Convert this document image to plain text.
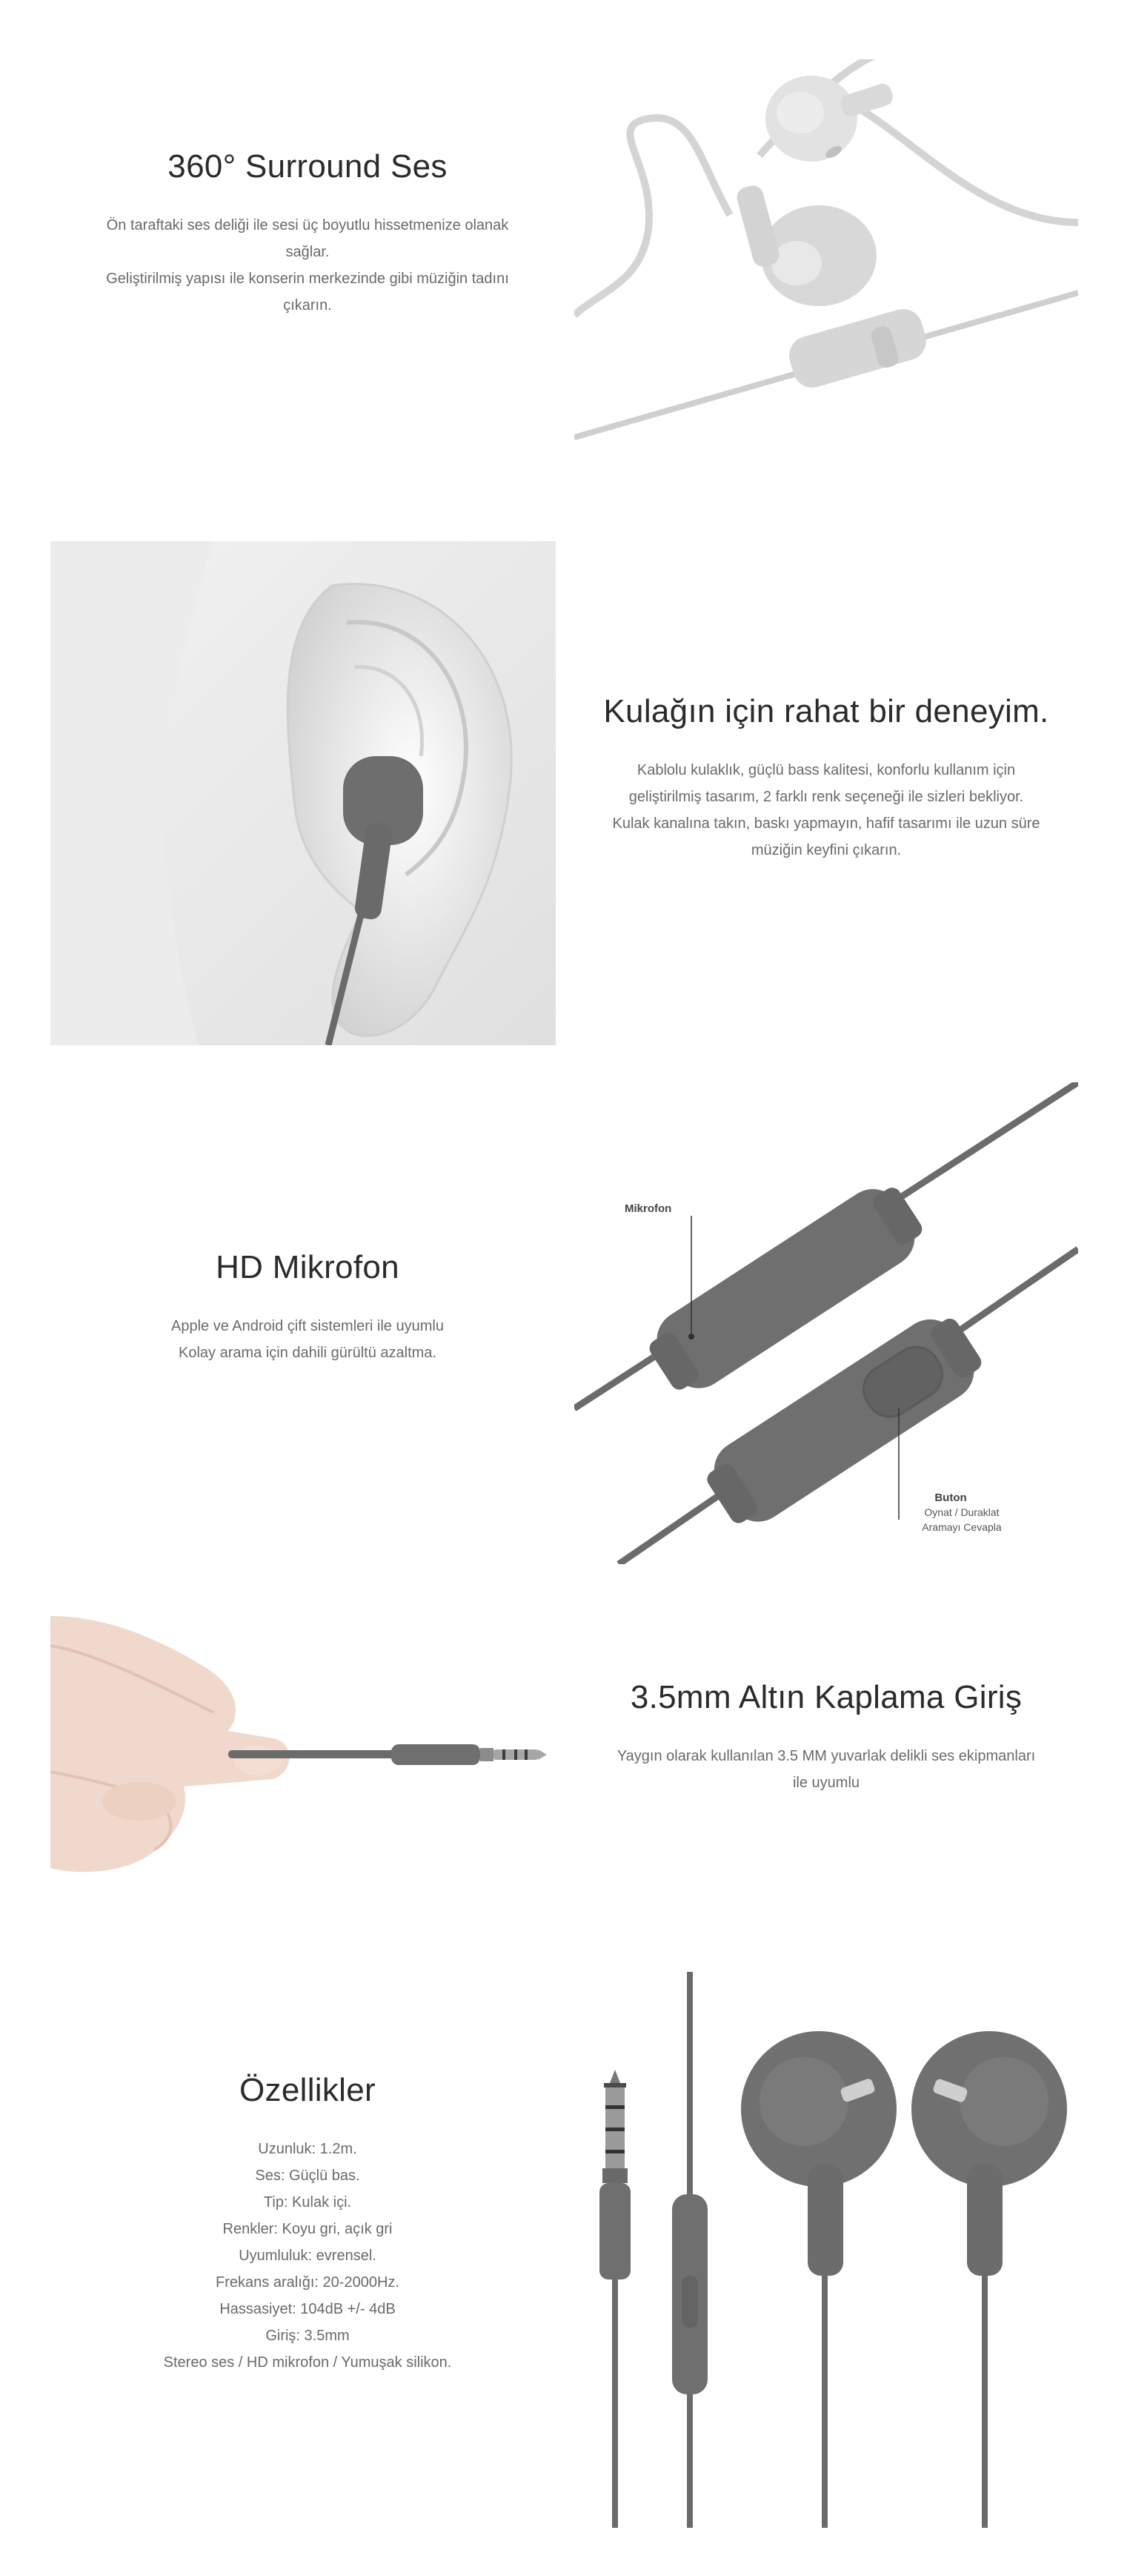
360° Surround Ses
Ön taraftaki ses deliği ile sesi üç boyutlu hissetmenize olanak
sağlar.
Geliştirilmiş yapısı ile konserin merkezinde gibi müziğin tadını
çıkarın.
Kulağın için rahat bir deneyim.
Kablolu kulaklık, güçlü bass kalitesi, konforlu kullanım için
geliştirilmiş tasarım, 2 farklı renk seçeneği ile sizleri bekliyor.
Kulak kanalına takın, baskı yapmayın, hafif tasarımı ile uzun süre
müziğin keyfini çıkarın.
HD Mikrofon
Apple ve Android çift sistemleri ile uyumlu
Kolay arama için dahili gürültü azaltma.
Mikrofon
Buton
Oynat / Duraklat
Aramayı Cevapla
3.5mm Altın Kaplama Giriş
Yaygın olarak kullanılan 3.5 MM yuvarlak delikli ses ekipmanları
ile uyumlu
Özellikler
Uzunluk: 1.2m.
Ses: Güçlü bas.
Tip: Kulak içi.
Renkler: Koyu gri, açık gri
Uyumluluk: evrensel.
Frekans aralığı: 20-2000Hz.
Hassasiyet: 104dB +/- 4dB
Giriş: 3.5mm
Stereo ses / HD mikrofon / Yumuşak silikon.
